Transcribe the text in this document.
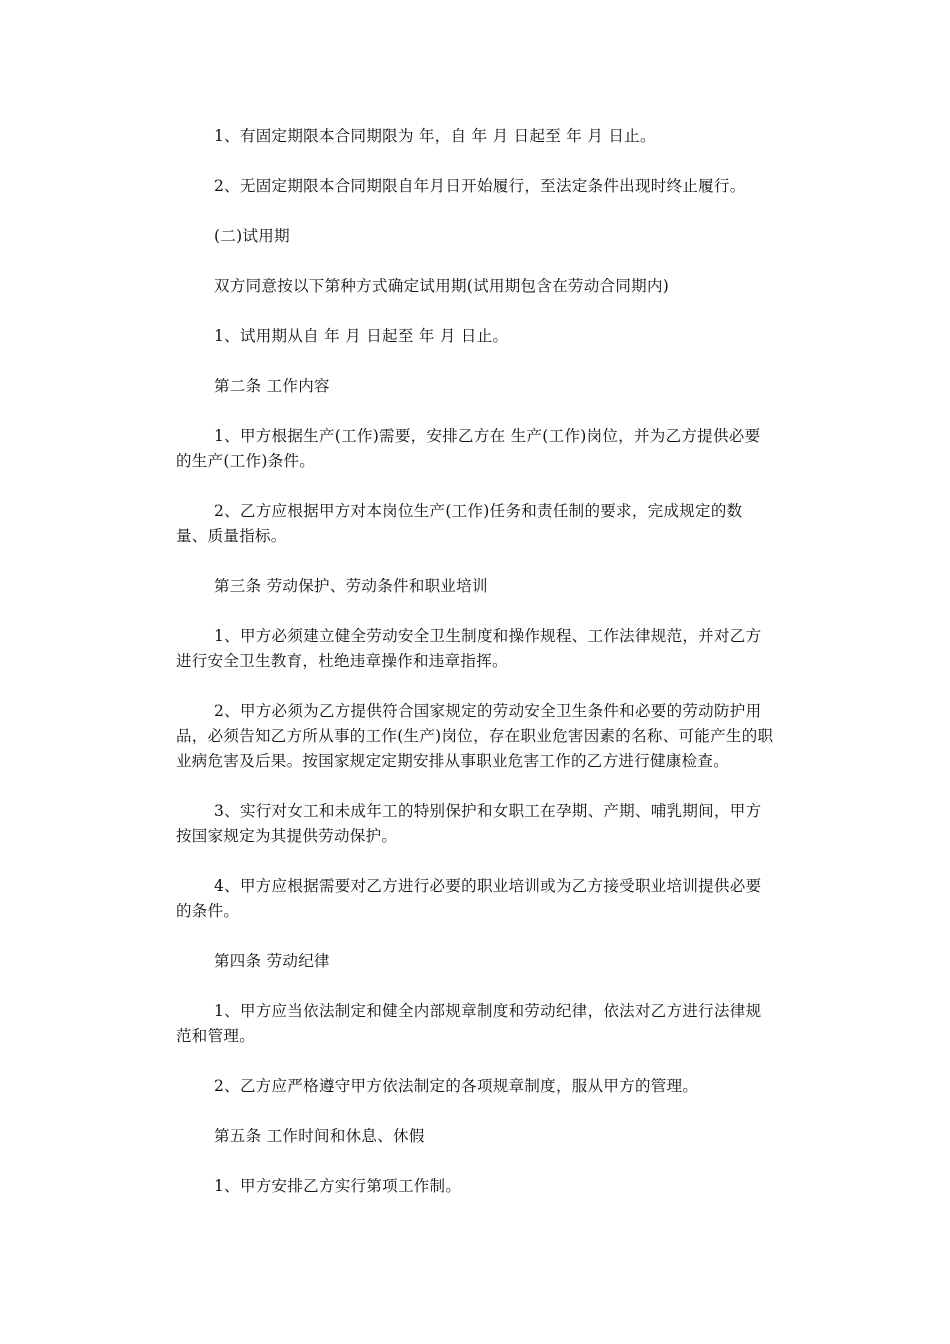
1、有固定期限本合同期限为 年，自 年 月 日起至 年 月 日止。

2、无固定期限本合同期限自年月日开始履行，至法定条件出现时终止履行。

(二)试用期

双方同意按以下第种方式确定试用期(试用期包含在劳动合同期内)

1、试用期从自 年 月 日起至 年 月 日止。

第二条 工作内容

1、甲方根据生产(工作)需要，安排乙方在 生产(工作)岗位，并为乙方提供必要的生产(工作)条件。

2、乙方应根据甲方对本岗位生产(工作)任务和责任制的要求，完成规定的数量、质量指标。

第三条 劳动保护、劳动条件和职业培训

1、甲方必须建立健全劳动安全卫生制度和操作规程、工作法律规范，并对乙方进行安全卫生教育，杜绝违章操作和违章指挥。

2、甲方必须为乙方提供符合国家规定的劳动安全卫生条件和必要的劳动防护用品，必须告知乙方所从事的工作(生产)岗位，存在职业危害因素的名称、可能产生的职业病危害及后果。按国家规定定期安排从事职业危害工作的乙方进行健康检查。

3、实行对女工和未成年工的特别保护和女职工在孕期、产期、哺乳期间，甲方按国家规定为其提供劳动保护。

4、甲方应根据需要对乙方进行必要的职业培训或为乙方接受职业培训提供必要的条件。

第四条 劳动纪律

1、甲方应当依法制定和健全内部规章制度和劳动纪律，依法对乙方进行法律规范和管理。

2、乙方应严格遵守甲方依法制定的各项规章制度，服从甲方的管理。

第五条 工作时间和休息、休假

1、甲方安排乙方实行第项工作制。
